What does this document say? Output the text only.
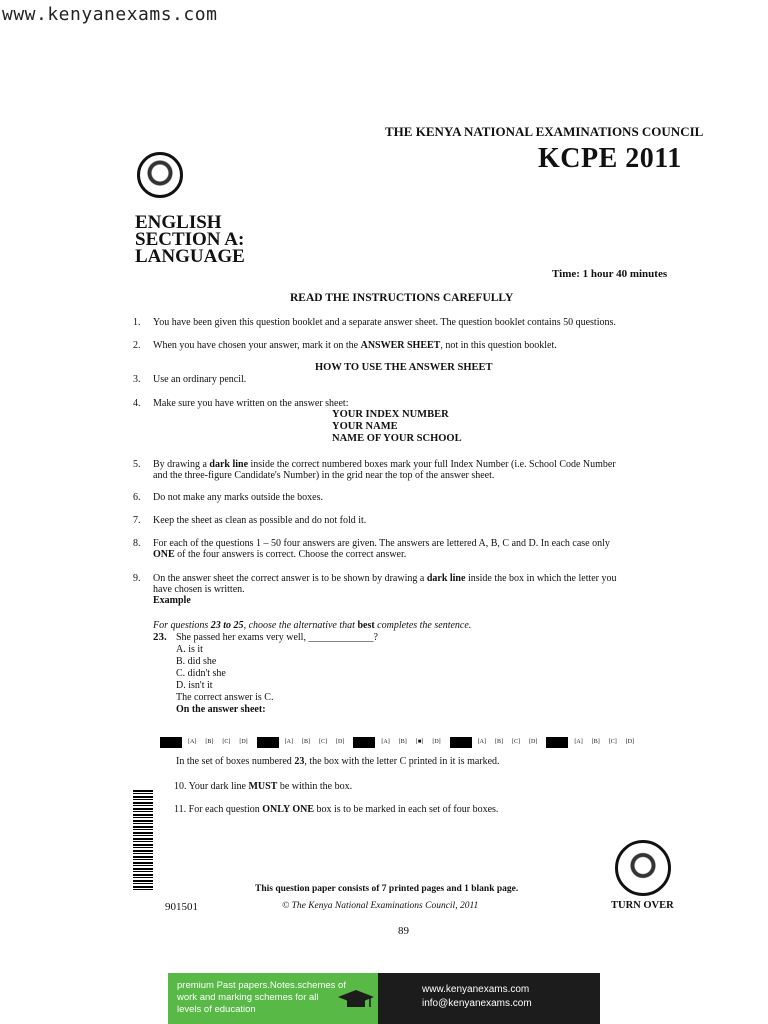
www.kenyanexams.com
THE KENYA NATIONAL EXAMINATIONS COUNCIL
KCPE 2011
ENGLISH
SECTION A:
LANGUAGE
Time: 1 hour 40 minutes
READ THE INSTRUCTIONS CAREFULLY
1. You have been given this question booklet and a separate answer sheet. The question booklet contains 50 questions.
2. When you have chosen your answer, mark it on the ANSWER SHEET, not in this question booklet.
HOW TO USE THE ANSWER SHEET
3. Use an ordinary pencil.
4. Make sure you have written on the answer sheet:
YOUR INDEX NUMBER
YOUR NAME
NAME OF YOUR SCHOOL
5. By drawing a dark line inside the correct numbered boxes mark your full Index Number (i.e. School Code Number
and the three-figure Candidate's Number) in the grid near the top of the answer sheet.
6. Do not make any marks outside the boxes.
7. Keep the sheet as clean as possible and do not fold it.
8. For each of the questions 1 – 50 four answers are given. The answers are lettered A, B, C and D. In each case only
ONE of the four answers is correct. Choose the correct answer.
9. On the answer sheet the correct answer is to be shown by drawing a dark line inside the box in which the letter you
have chosen is written.
Example
For questions 23 to 25, choose the alternative that best completes the sentence.
23. She passed her exams very well, _____________?
A. is it
B. did she
C. didn't she
D. isn't it
The correct answer is C.
On the answer sheet:
[A] [B] [C] [D]	[A] [B] [C] [D]	[A] [B] [■] [D]	[A] [B] [C] [D]	[A] [B] [C] [D]
In the set of boxes numbered 23, the box with the letter C printed in it is marked.
10. Your dark line MUST be within the box.
11. For each question ONLY ONE box is to be marked in each set of four boxes.
This question paper consists of 7 printed pages and 1 blank page.
901501	© The Kenya National Examinations Council, 2011	TURN OVER
89
premium Past papers.Notes.schemes of
work and marking schemes for all
levels of education
www.kenyanexams.com
info@kenyanexams.com
